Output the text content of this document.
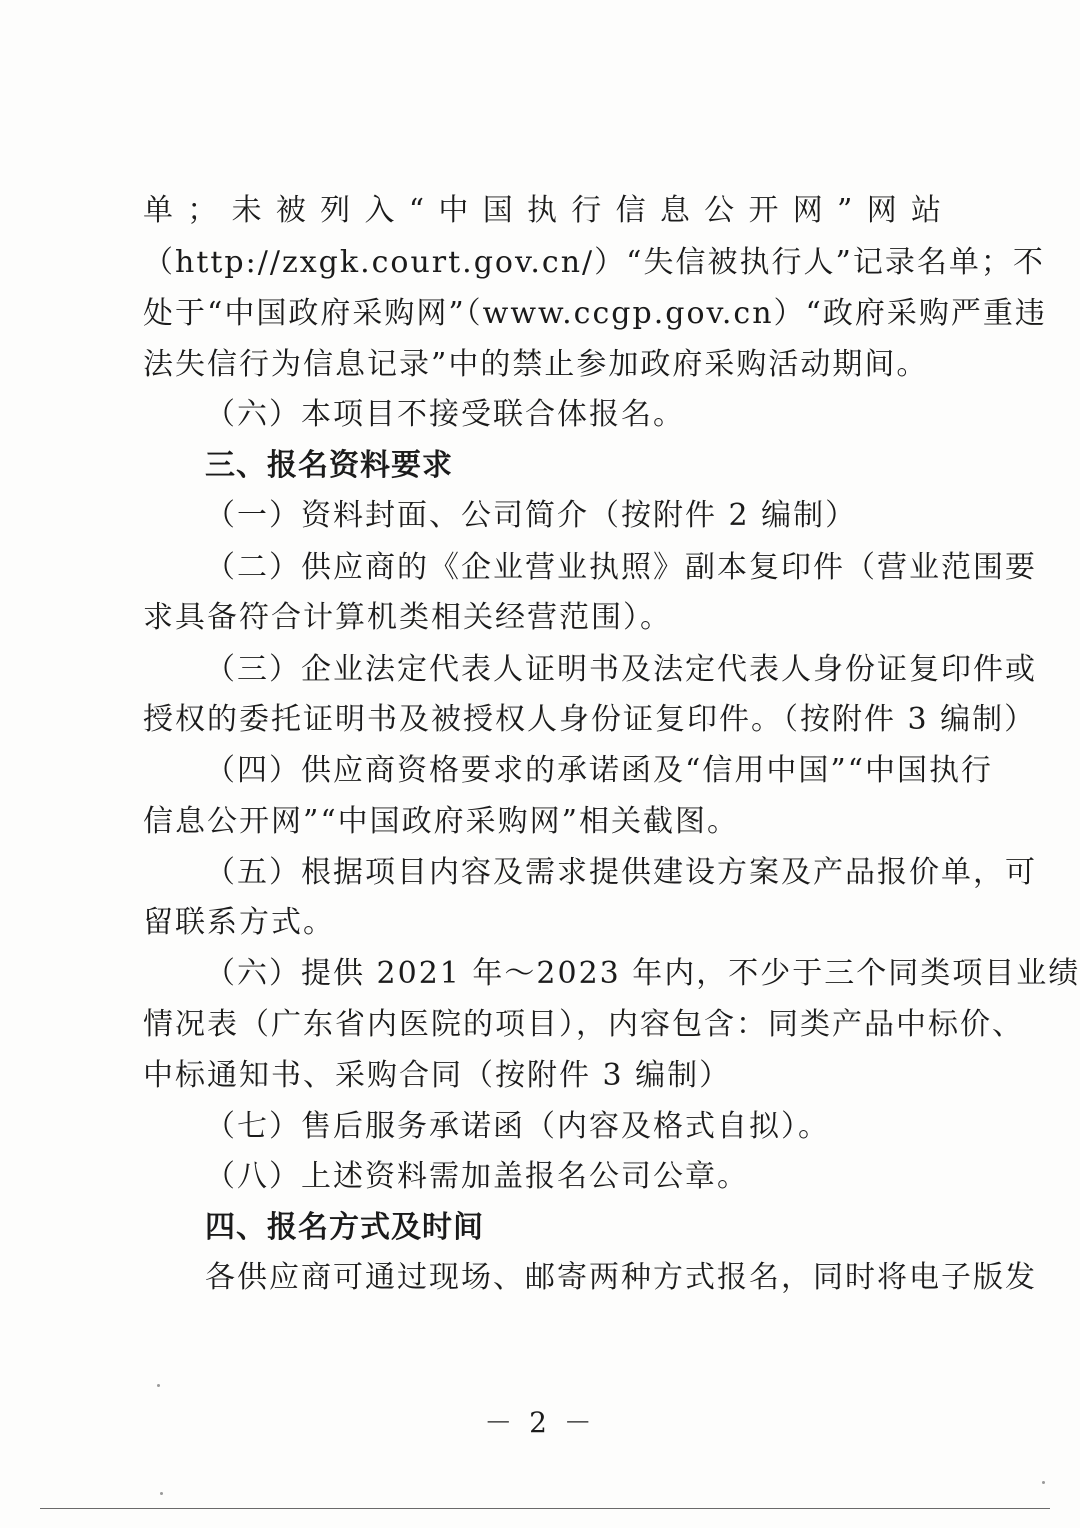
单；未被列入“中国执行信息公开网”网站
（http://zxgk.court.gov.cn/）“失信被执行人”记录名单；不
处于“中国政府采购网”（www.ccgp.gov.cn）“政府采购严重违
法失信行为信息记录”中的禁止参加政府采购活动期间。
（六）本项目不接受联合体报名。
三、报名资料要求
（一）资料封面、公司简介（按附件 2 编制）
（二）供应商的《企业营业执照》副本复印件（营业范围要
求具备符合计算机类相关经营范围）。
（三）企业法定代表人证明书及法定代表人身份证复印件或
授权的委托证明书及被授权人身份证复印件。（按附件 3 编制）
（四）供应商资格要求的承诺函及“信用中国”“中国执行
信息公开网”“中国政府采购网”相关截图。
（五）根据项目内容及需求提供建设方案及产品报价单，可
留联系方式。
（六）提供 2021 年～2023 年内，不少于三个同类项目业绩
情况表（广东省内医院的项目），内容包含：同类产品中标价、
中标通知书、采购合同（按附件 3 编制）
（七）售后服务承诺函（内容及格式自拟）。
（八）上述资料需加盖报名公司公章。
四、报名方式及时间
各供应商可通过现场、邮寄两种方式报名，同时将电子版发
－ 2 －
